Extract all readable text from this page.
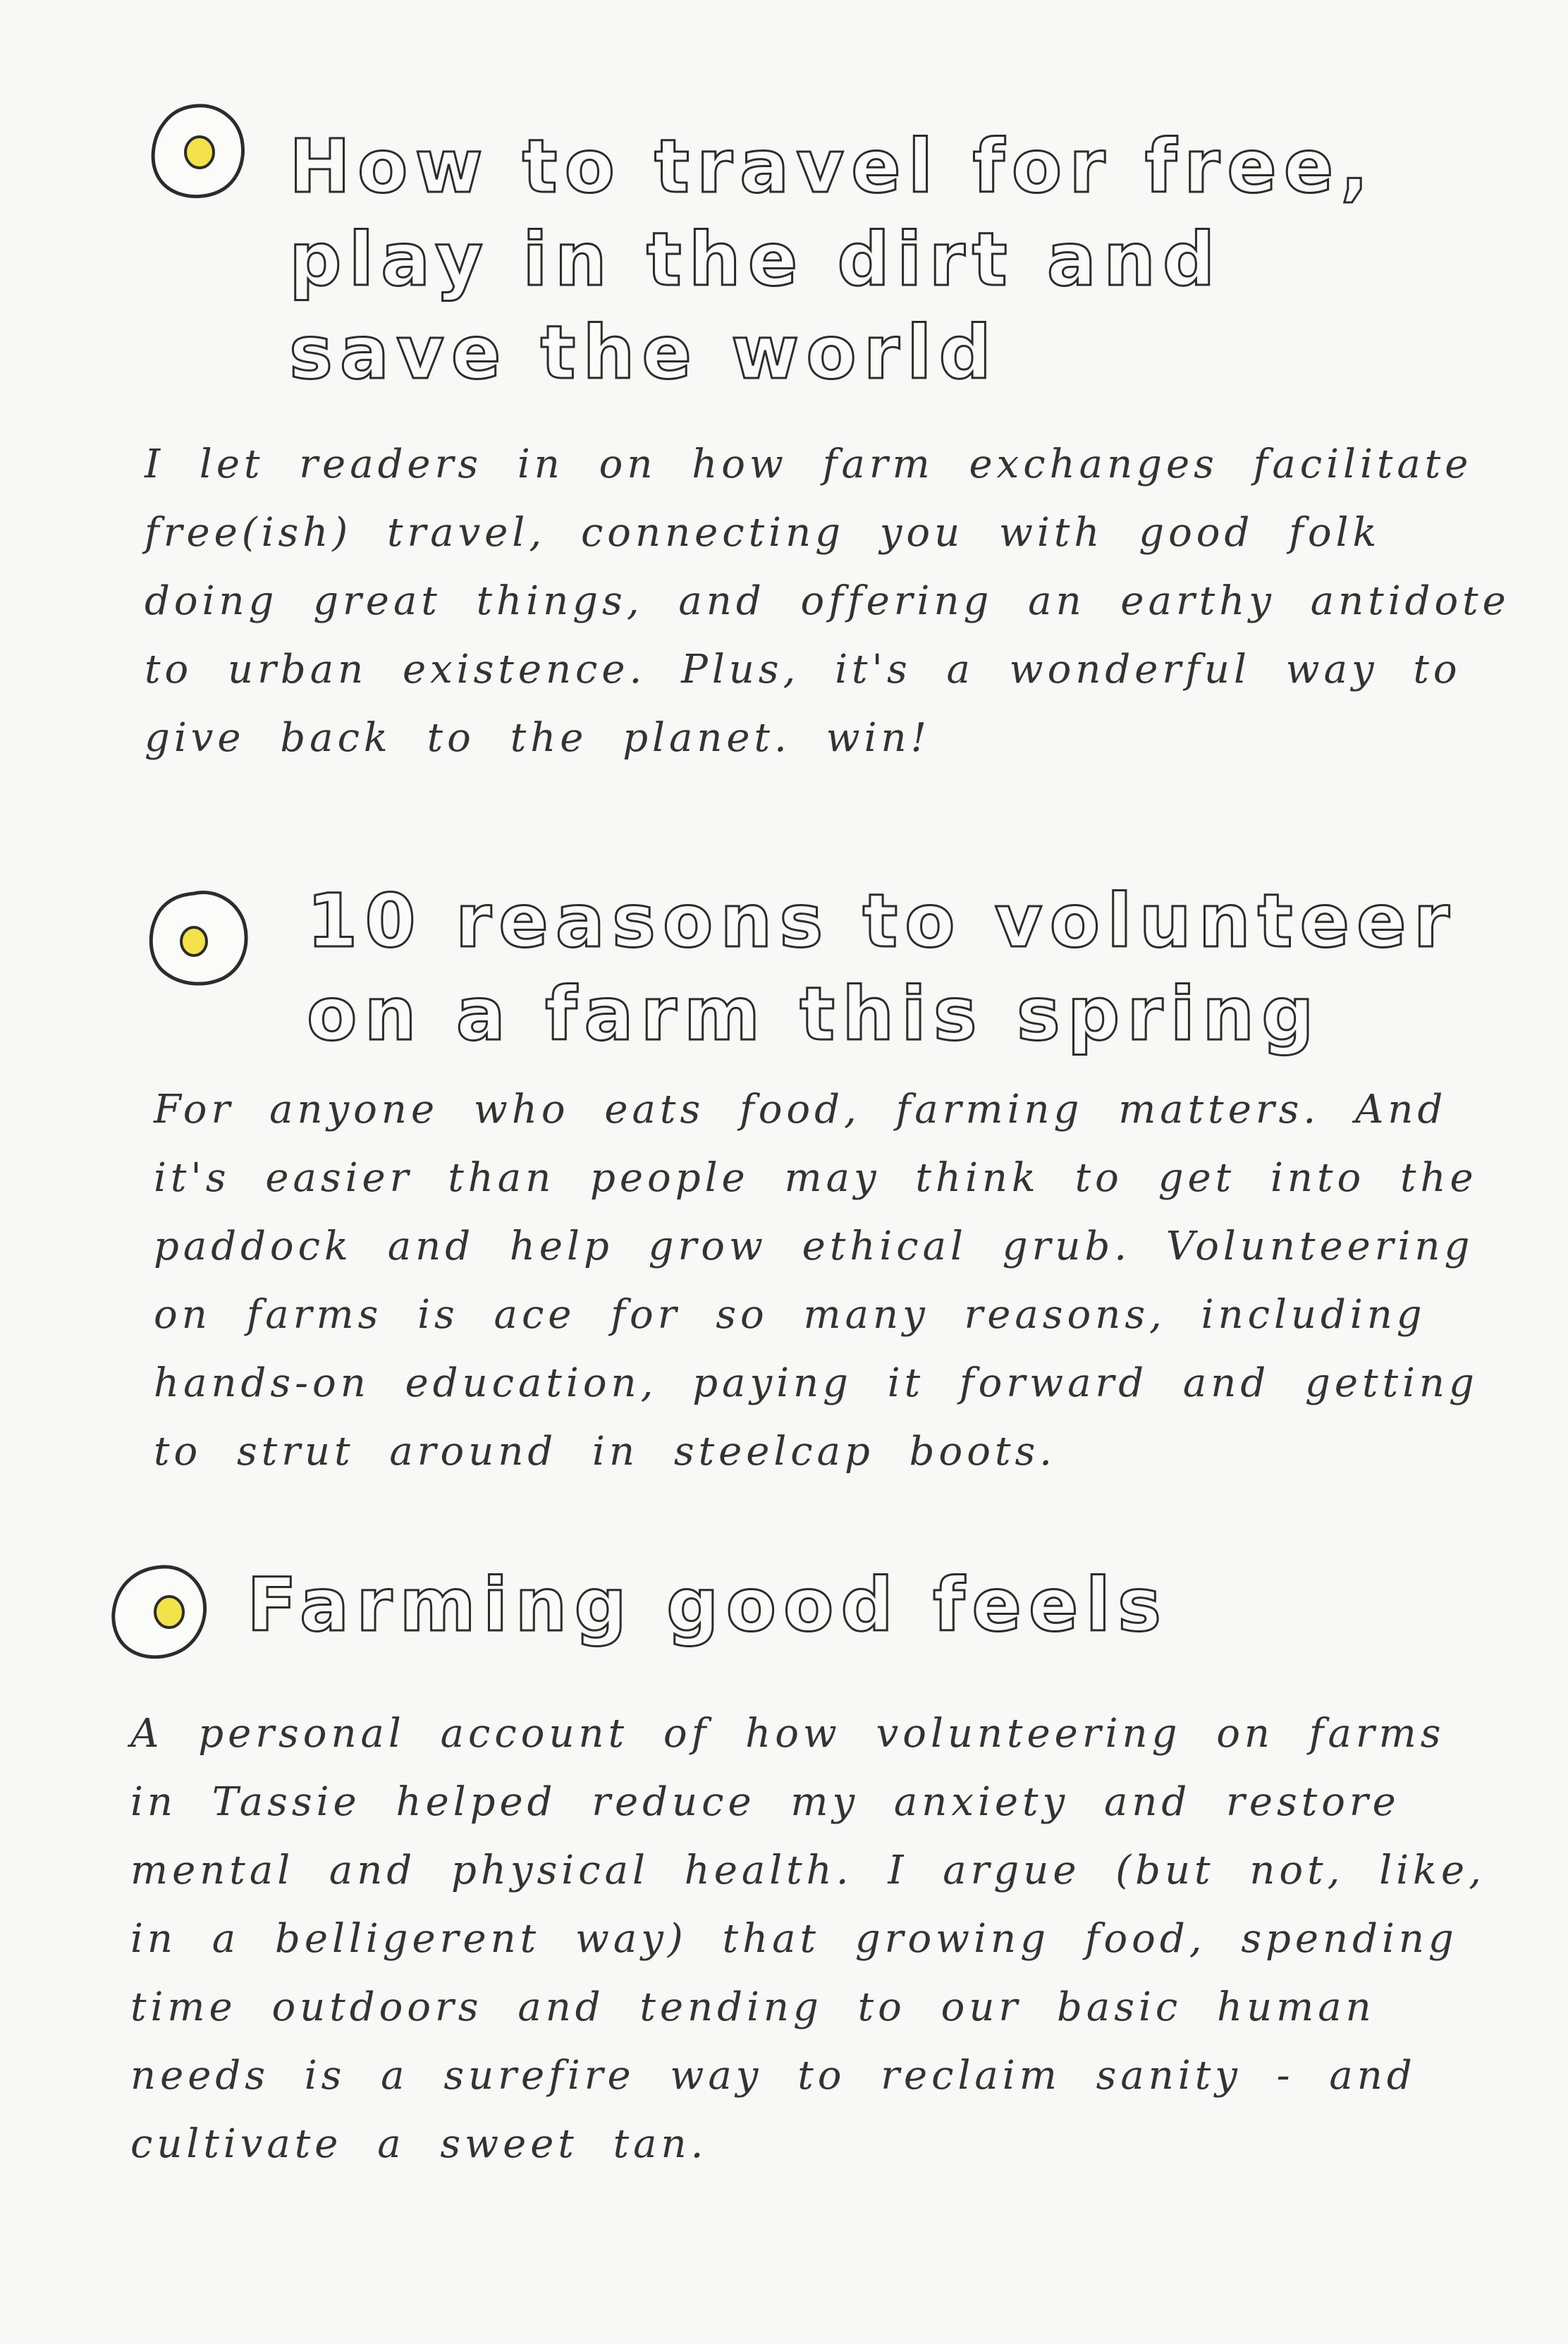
How to travel for free, play in the dirt and save the world

I let readers in on how farm exchanges facilitate free(ish) travel, connecting you with good folk doing great things, and offering an earthy antidote to urban existence. Plus, it's a wonderful way to give back to the planet. win!

10 reasons to volunteer on a farm this spring

For anyone who eats food, farming matters. And it's easier than people may think to get into the paddock and help grow ethical grub. Volunteering on farms is ace for so many reasons, including hands-on education, paying it forward and getting to strut around in steelcap boots.

Farming good feels

A personal account of how volunteering on farms in Tassie helped reduce my anxiety and restore mental and physical health. I argue (but not, like, in a belligerent way) that growing food, spending time outdoors and tending to our basic human needs is a surefire way to reclaim sanity - and cultivate a sweet tan.
